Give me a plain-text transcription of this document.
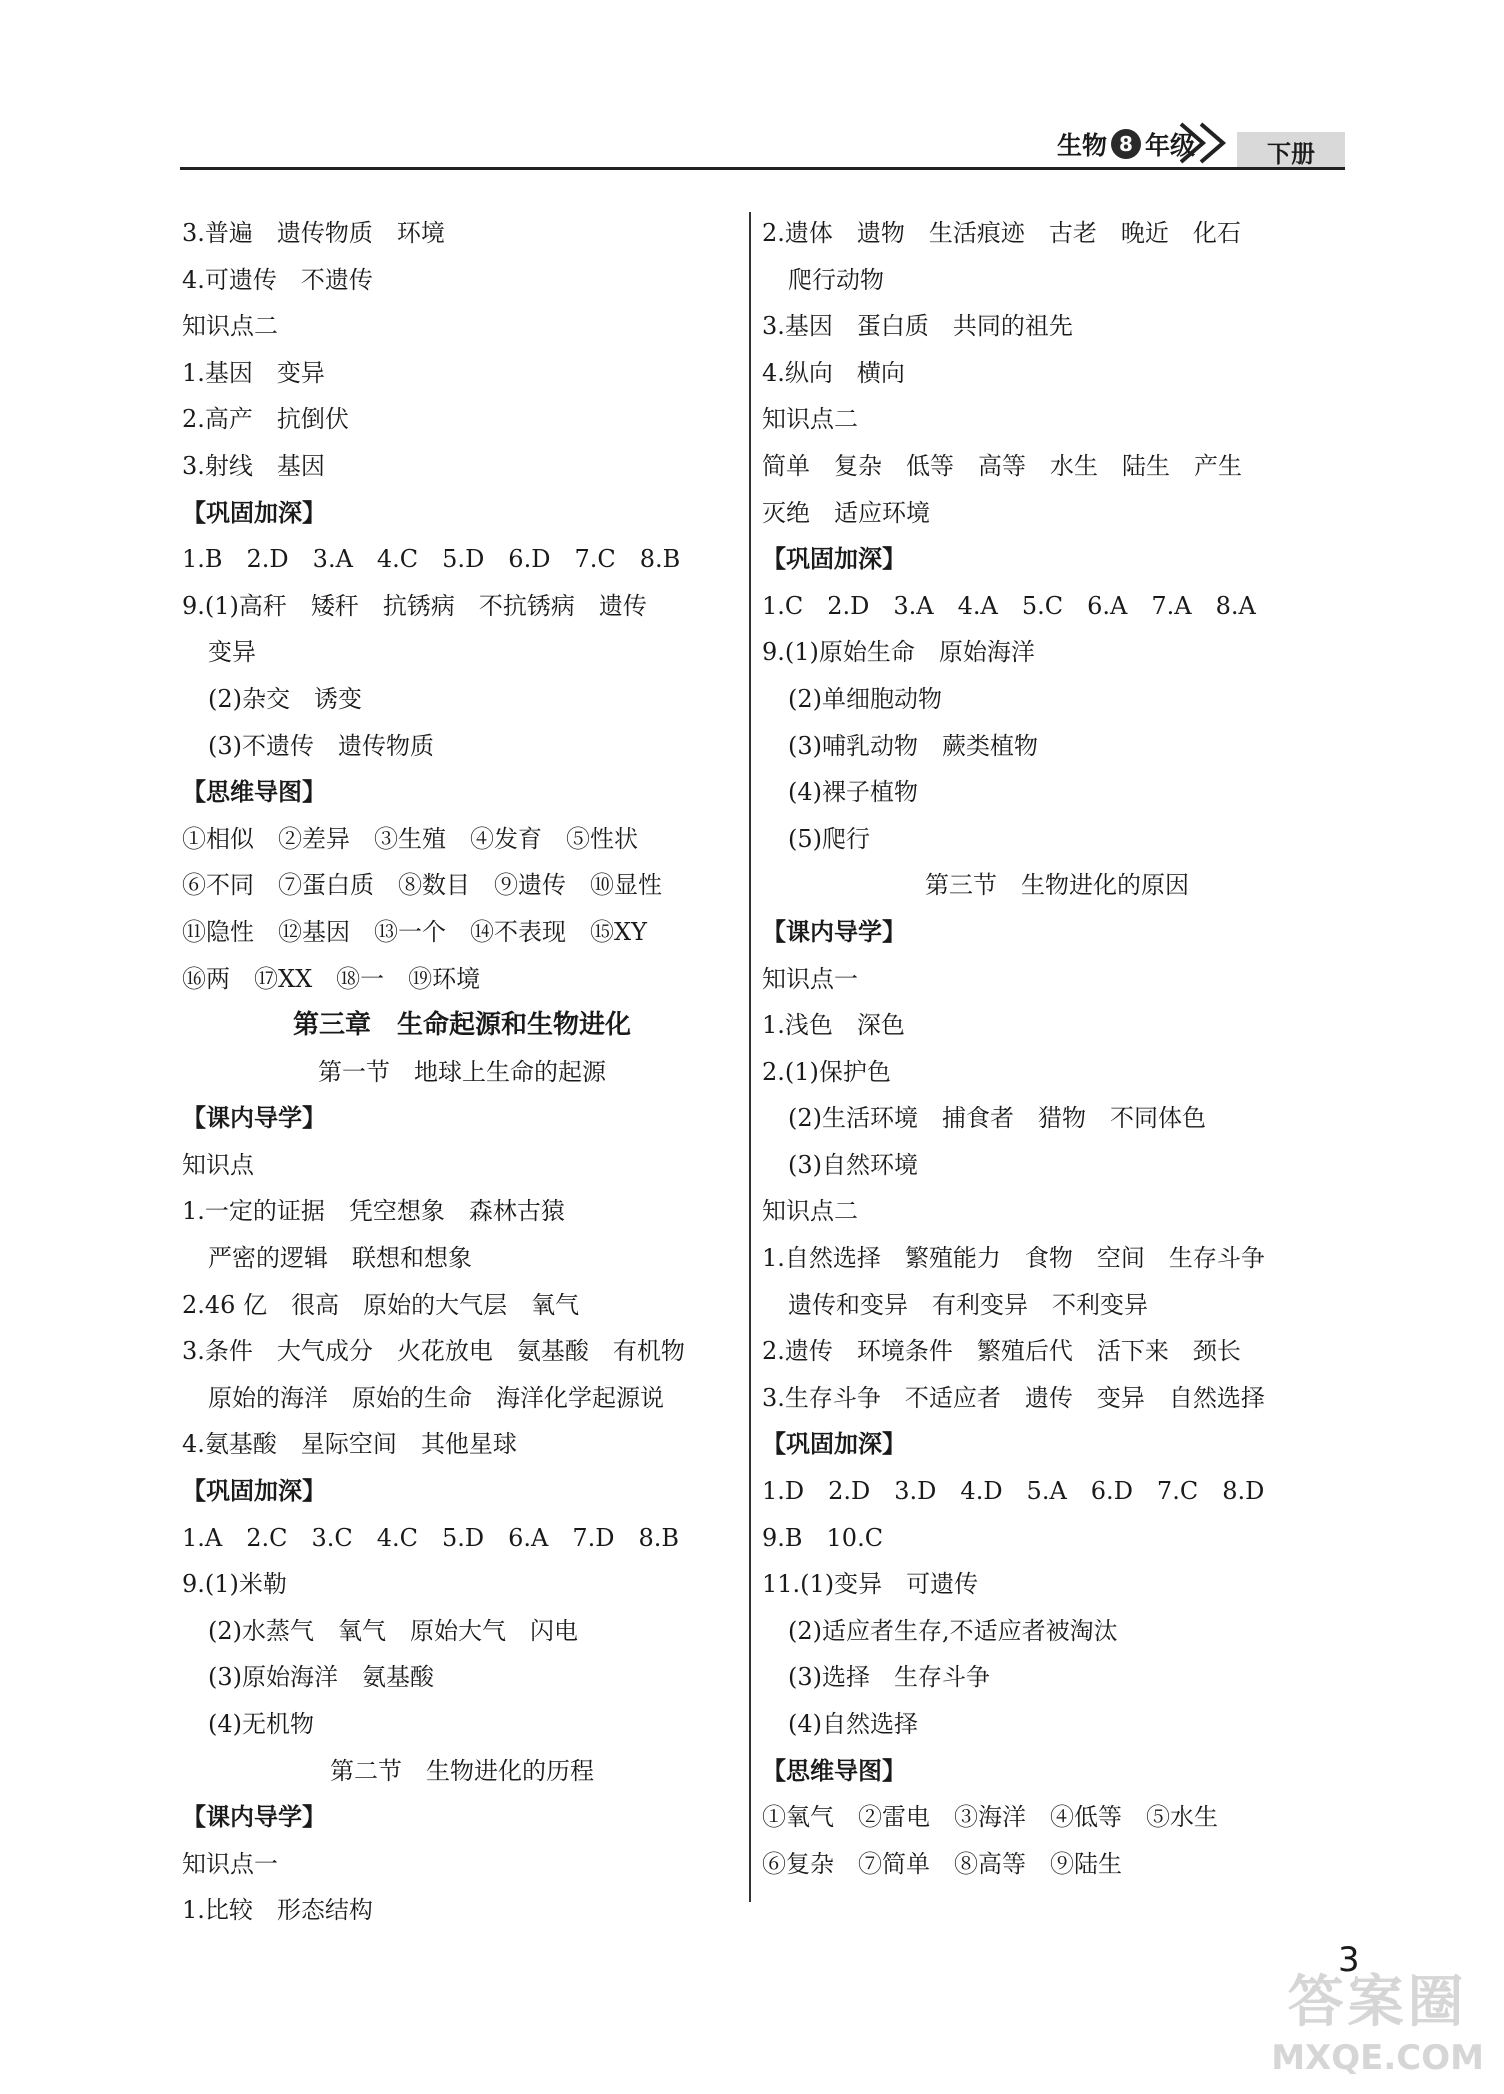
生物 8 年级	下册
3.普遍　遗传物质　环境
4.可遗传　不遗传
知识点二
1.基因　变异
2.高产　抗倒伏
3.射线　基因
【巩固加深】
1.B　2.D　3.A　4.C　5.D　6.D　7.C　8.B
9.(1)高秆　矮秆　抗锈病　不抗锈病　遗传
变异
(2)杂交　诱变
(3)不遗传　遗传物质
【思维导图】
①相似　②差异　③生殖　④发育　⑤性状
⑥不同　⑦蛋白质　⑧数目　⑨遗传　⑩显性
⑪隐性　⑫基因　⑬一个　⑭不表现　⑮XY
⑯两　⑰XX　⑱一　⑲环境
第三章　生命起源和生物进化
第一节　地球上生命的起源
【课内导学】
知识点
1.一定的证据　凭空想象　森林古猿
严密的逻辑　联想和想象
2.46 亿　很高　原始的大气层　氧气
3.条件　大气成分　火花放电　氨基酸　有机物
原始的海洋　原始的生命　海洋化学起源说
4.氨基酸　星际空间　其他星球
【巩固加深】
1.A　2.C　3.C　4.C　5.D　6.A　7.D　8.B
9.(1)米勒
(2)水蒸气　氧气　原始大气　闪电
(3)原始海洋　氨基酸
(4)无机物
第二节　生物进化的历程
【课内导学】
知识点一
1.比较　形态结构
2.遗体　遗物　生活痕迹　古老　晚近　化石
爬行动物
3.基因　蛋白质　共同的祖先
4.纵向　横向
知识点二
简单　复杂　低等　高等　水生　陆生　产生
灭绝　适应环境
【巩固加深】
1.C　2.D　3.A　4.A　5.C　6.A　7.A　8.A
9.(1)原始生命　原始海洋
(2)单细胞动物
(3)哺乳动物　蕨类植物
(4)裸子植物
(5)爬行
第三节　生物进化的原因
【课内导学】
知识点一
1.浅色　深色
2.(1)保护色
(2)生活环境　捕食者　猎物　不同体色
(3)自然环境
知识点二
1.自然选择　繁殖能力　食物　空间　生存斗争
遗传和变异　有利变异　不利变异
2.遗传　环境条件　繁殖后代　活下来　颈长
3.生存斗争　不适应者　遗传　变异　自然选择
【巩固加深】
1.D　2.D　3.D　4.D　5.A　6.D　7.C　8.D
9.B　10.C
11.(1)变异　可遗传
(2)适应者生存,不适应者被淘汰
(3)选择　生存斗争
(4)自然选择
【思维导图】
①氧气　②雷电　③海洋　④低等　⑤水生
⑥复杂　⑦简单　⑧高等　⑨陆生
3
答案圈
MXQE.COM
